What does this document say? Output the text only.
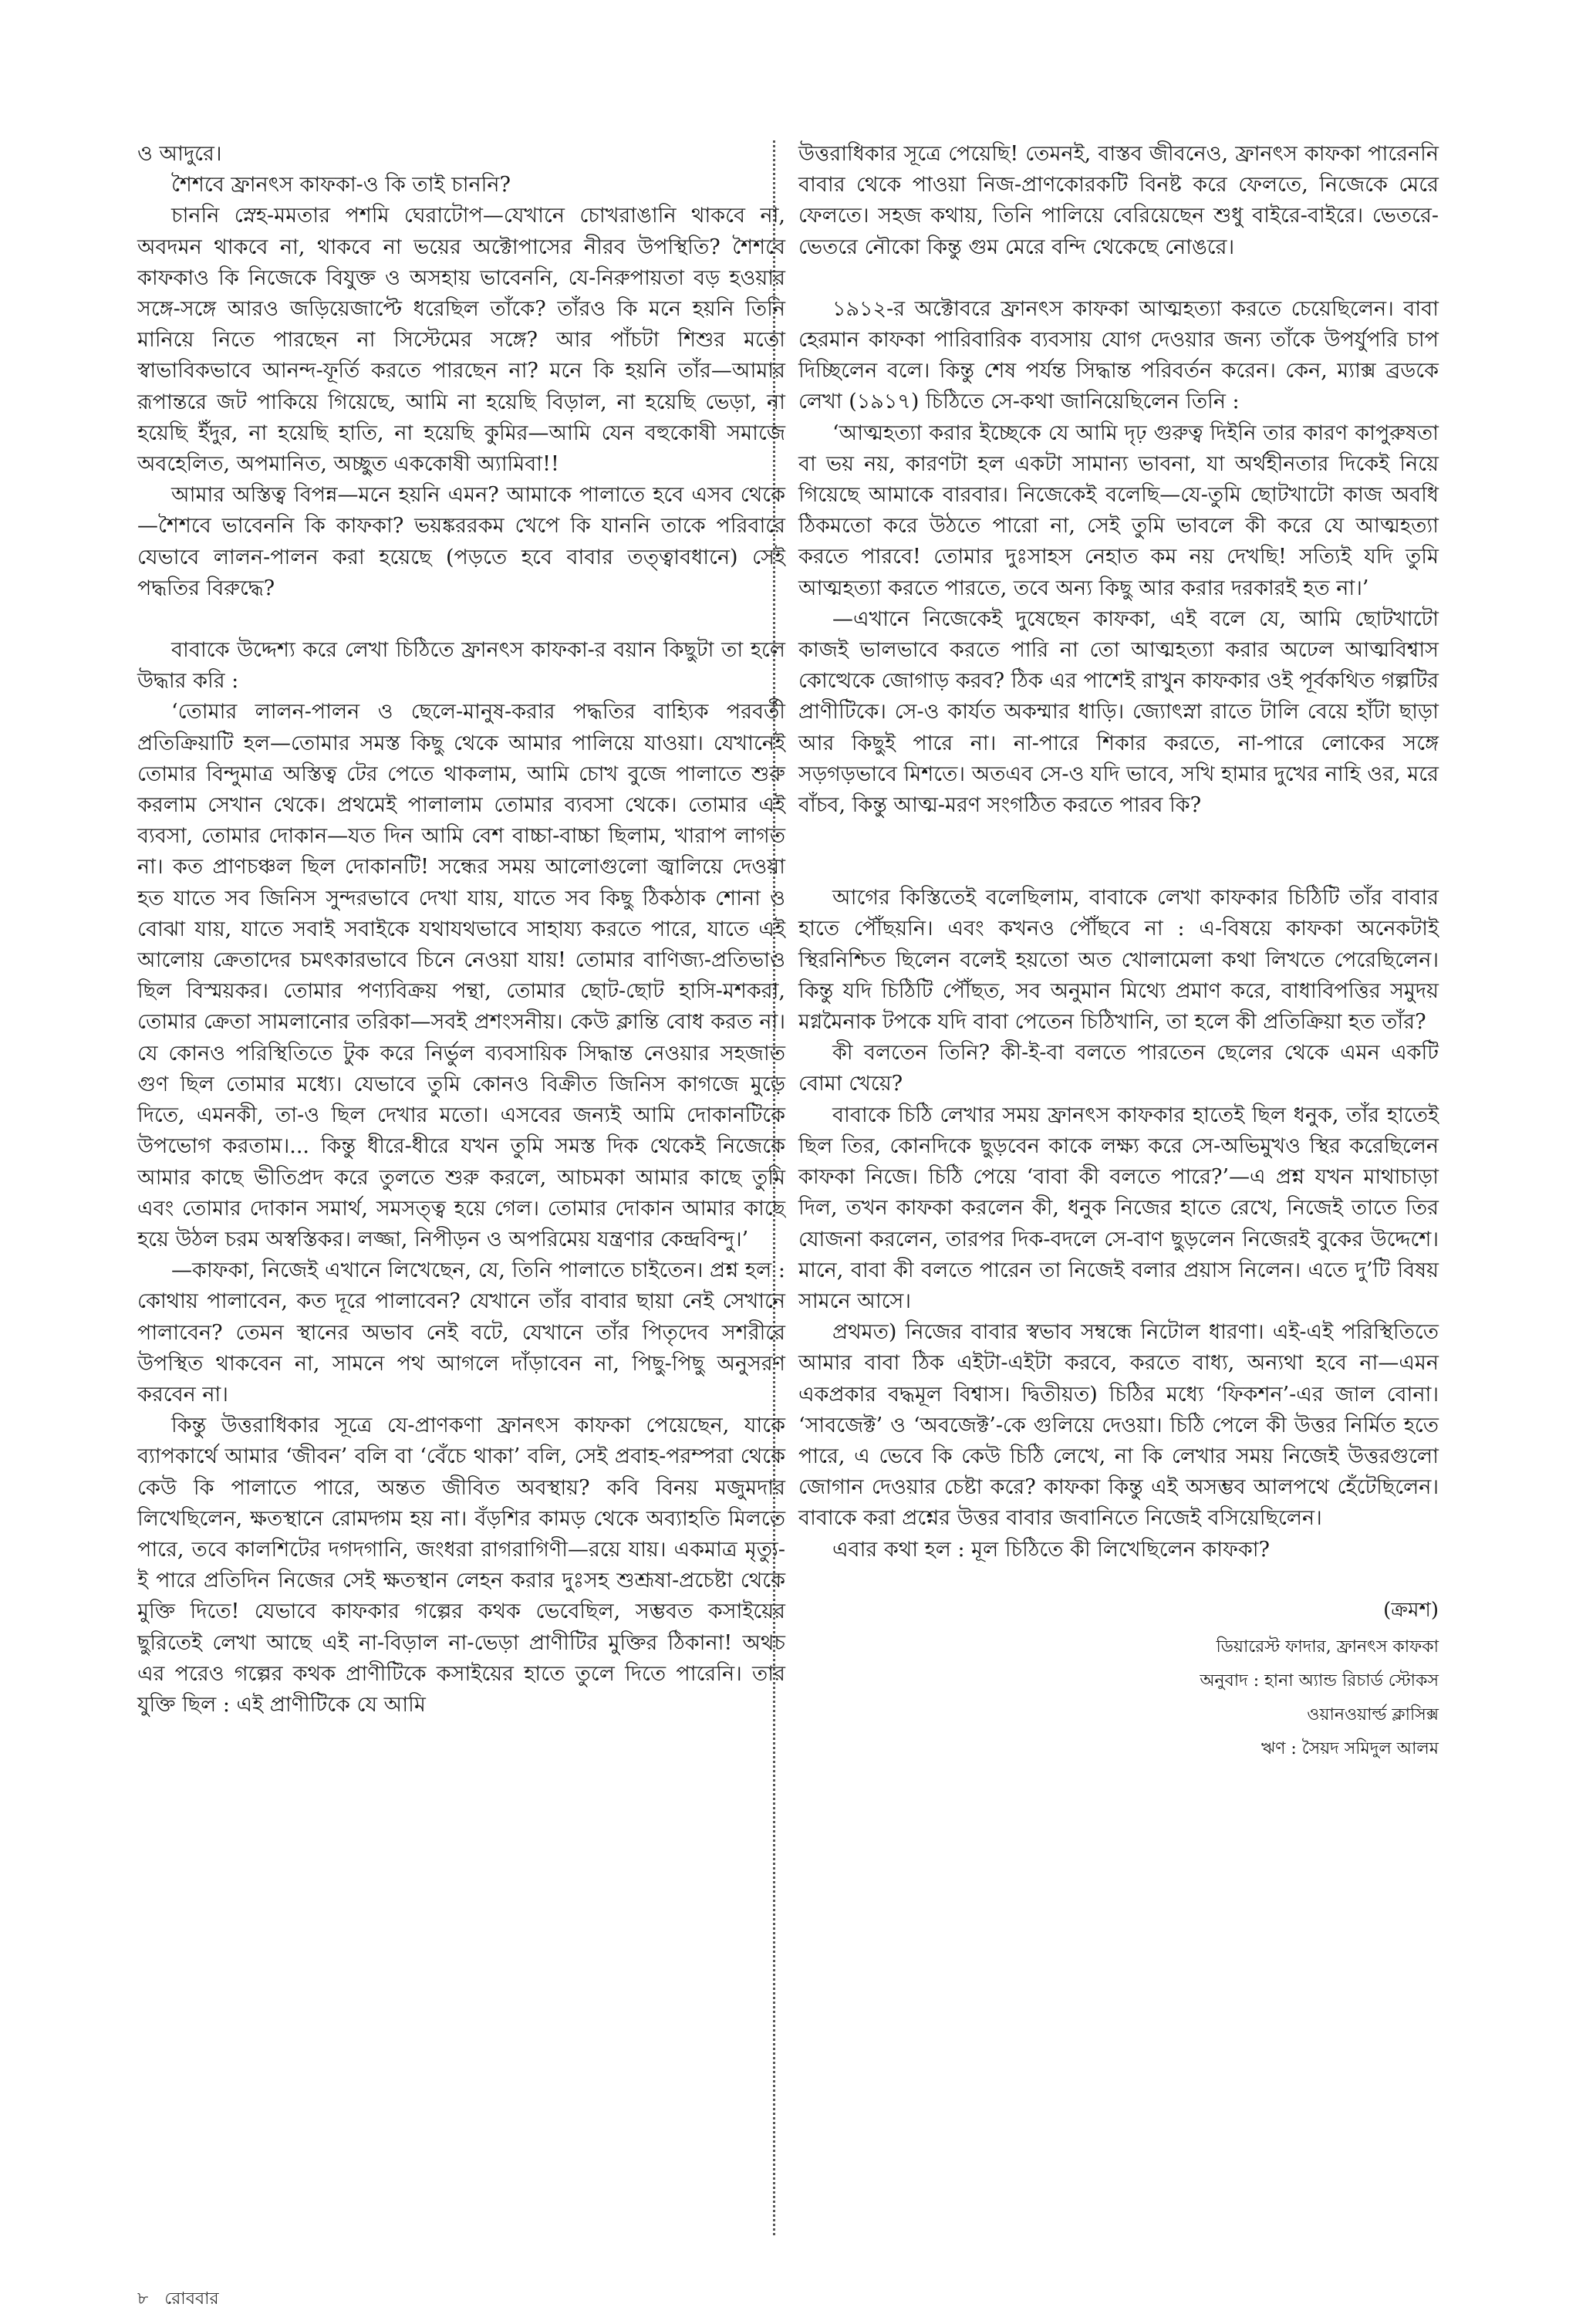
ও আদুরে।

শৈশবে ফ্রানৎস কাফকা-ও কি তাই চাননি?

চাননি স্নেহ-মমতার পশমি ঘেরাটোপ—যেখানে চোখরাঙানি থাকবে না, অবদমন থাকবে না, থাকবে না ভয়ের অক্টোপাসের নীরব উপস্থিতি? শৈশবে কাফকাও কি নিজেকে বিযুক্ত ও অসহায় ভাবেননি, যে-নিরুপায়তা বড় হওয়ার সঙ্গে-সঙ্গে আরও জড়িয়েজাপ্টে ধরেছিল তাঁকে? তাঁরও কি মনে হয়নি তিনি মানিয়ে নিতে পারছেন না সিস্টেমের সঙ্গে? আর পাঁচটা শিশুর মতো স্বাভাবিকভাবে আনন্দ-ফূর্তি করতে পারছেন না? মনে কি হয়নি তাঁর—আমার রূপান্তরে জট পাকিয়ে গিয়েছে, আমি না হয়েছি বিড়াল, না হয়েছি ভেড়া, না হয়েছি ইঁদুর, না হয়েছি হাতি, না হয়েছি কুমির—আমি যেন বহুকোষী সমাজে অবহেলিত, অপমানিত, অচ্ছুত এককোষী অ্যামিবা!!

আমার অস্তিত্ব বিপন্ন—মনে হয়নি এমন? আমাকে পালাতে হবে এসব থেকে—শৈশবে ভাবেননি কি কাফকা? ভয়ঙ্কররকম খেপে কি যাননি তাকে পরিবারে যেভাবে লালন-পালন করা হয়েছে (পড়তে হবে বাবার তত্ত্বাবধানে) সেই পদ্ধতির বিরুদ্ধে?

বাবাকে উদ্দেশ্য করে লেখা চিঠিতে ফ্রানৎস কাফকা-র বয়ান কিছুটা তা হলে উদ্ধার করি :

‘তোমার লালন-পালন ও ছেলে-মানুষ-করার পদ্ধতির বাহ্যিক পরবর্তী প্রতিক্রিয়াটি হল—তোমার সমস্ত কিছু থেকে আমার পালিয়ে যাওয়া। যেখানেই তোমার বিন্দুমাত্র অস্তিত্ব টের পেতে থাকলাম, আমি চোখ বুজে পালাতে শুরু করলাম সেখান থেকে। প্রথমেই পালালাম তোমার ব্যবসা থেকে। তোমার এই ব্যবসা, তোমার দোকান—যত দিন আমি বেশ বাচ্চা-বাচ্চা ছিলাম, খারাপ লাগত না। কত প্রাণচঞ্চল ছিল দোকানটি! সন্ধের সময় আলোগুলো জ্বালিয়ে দেওয়া হত যাতে সব জিনিস সুন্দরভাবে দেখা যায়, যাতে সব কিছু ঠিকঠাক শোনা ও বোঝা যায়, যাতে সবাই সবাইকে যথাযথভাবে সাহায্য করতে পারে, যাতে এই আলোয় ক্রেতাদের চমৎকারভাবে চিনে নেওয়া যায়! তোমার বাণিজ্য-প্রতিভাও ছিল বিস্ময়কর। তোমার পণ্যবিক্রয় পন্থা, তোমার ছোট-ছোট হাসি-মশকরা, তোমার ক্রেতা সামলানোর তরিকা—সবই প্রশংসনীয়। কেউ ক্লান্তি বোধ করত না। যে কোনও পরিস্থিতিতে টুক করে নির্ভুল ব্যবসায়িক সিদ্ধান্ত নেওয়ার সহজাত গুণ ছিল তোমার মধ্যে। যেভাবে তুমি কোনও বিক্রীত জিনিস কাগজে মুড়ে দিতে, এমনকী, তা-ও ছিল দেখার মতো। এসবের জন্যই আমি দোকানটিকে উপভোগ করতাম।... কিন্তু ধীরে-ধীরে যখন তুমি সমস্ত দিক থেকেই নিজেকে আমার কাছে ভীতিপ্রদ করে তুলতে শুরু করলে, আচমকা আমার কাছে তুমি এবং তোমার দোকান সমার্থ, সমসত্ত্ব হয়ে গেল। তোমার দোকান আমার কাছে হয়ে উঠল চরম অস্বস্তিকর। লজ্জা, নিপীড়ন ও অপরিমেয় যন্ত্রণার কেন্দ্রবিন্দু।’

—কাফকা, নিজেই এখানে লিখেছেন, যে, তিনি পালাতে চাইতেন। প্রশ্ন হল : কোথায় পালাবেন, কত দূরে পালাবেন? যেখানে তাঁর বাবার ছায়া নেই সেখানে পালাবেন? তেমন স্থানের অভাব নেই বটে, যেখানে তাঁর পিতৃদেব সশরীরে উপস্থিত থাকবেন না, সামনে পথ আগলে দাঁড়াবেন না, পিছু-পিছু অনুসরণ করবেন না।

কিন্তু উত্তরাধিকার সূত্রে যে-প্রাণকণা ফ্রানৎস কাফকা পেয়েছেন, যাকে ব্যাপকার্থে আমার ‘জীবন’ বলি বা ‘বেঁচে থাকা’ বলি, সেই প্রবাহ-পরম্পরা থেকে কেউ কি পালাতে পারে, অন্তত জীবিত অবস্থায়? কবি বিনয় মজুমদার লিখেছিলেন, ক্ষতস্থানে রোমদ্গম হয় না। বঁড়শির কামড় থেকে অব্যাহতি মিলতে পারে, তবে কালশিটের দগদগানি, জংধরা রাগরাগিণী—রয়ে যায়। একমাত্র মৃত্যু-ই পারে প্রতিদিন নিজের সেই ক্ষতস্থান লেহন করার দুঃসহ শুশ্রূষা-প্রচেষ্টা থেকে মুক্তি দিতে! যেভাবে কাফকার গল্পের কথক ভেবেছিল, সম্ভবত কসাইয়ের ছুরিতেই লেখা আছে এই না-বিড়াল না-ভেড়া প্রাণীটির মুক্তির ঠিকানা! অথচ এর পরেও গল্পের কথক প্রাণীটিকে কসাইয়ের হাতে তুলে দিতে পারেনি। তার যুক্তি ছিল : এই প্রাণীটিকে যে আমি

উত্তরাধিকার সূত্রে পেয়েছি! তেমনই, বাস্তব জীবনেও, ফ্রানৎস কাফকা পারেননি বাবার থেকে পাওয়া নিজ-প্রাণকোরকটি বিনষ্ট করে ফেলতে, নিজেকে মেরে ফেলতে। সহজ কথায়, তিনি পালিয়ে বেরিয়েছেন শুধু বাইরে-বাইরে। ভেতরে-ভেতরে নৌকো কিন্তু গুম মেরে বন্দি থেকেছে নোঙরে।

১৯১২-র অক্টোবরে ফ্রানৎস কাফকা আত্মহত্যা করতে চেয়েছিলেন। বাবা হেরমান কাফকা পারিবারিক ব্যবসায় যোগ দেওয়ার জন্য তাঁকে উপর্যুপরি চাপ দিচ্ছিলেন বলে। কিন্তু শেষ পর্যন্ত সিদ্ধান্ত পরিবর্তন করেন। কেন, ম্যাক্স ব্রডকে লেখা (১৯১৭) চিঠিতে সে-কথা জানিয়েছিলেন তিনি :

‘আত্মহত্যা করার ইচ্ছেকে যে আমি দৃঢ় গুরুত্ব দিইনি তার কারণ কাপুরুষতা বা ভয় নয়, কারণটা হল একটা সামান্য ভাবনা, যা অর্থহীনতার দিকেই নিয়ে গিয়েছে আমাকে বারবার। নিজেকেই বলেছি—যে-তুমি ছোটখাটো কাজ অবধি ঠিকমতো করে উঠতে পারো না, সেই তুমি ভাবলে কী করে যে আত্মহত্যা করতে পারবে! তোমার দুঃসাহস নেহাত কম নয় দেখছি! সত্যিই যদি তুমি আত্মহত্যা করতে পারতে, তবে অন্য কিছু আর করার দরকারই হত না।’

—এখানে নিজেকেই দুষেছেন কাফকা, এই বলে যে, আমি ছোটখাটো কাজই ভালভাবে করতে পারি না তো আত্মহত্যা করার অঢেল আত্মবিশ্বাস কোত্থেকে জোগাড় করব? ঠিক এর পাশেই রাখুন কাফকার ওই পূর্বকথিত গল্পটির প্রাণীটিকে। সে-ও কার্যত অকম্মার ধাড়ি। জ্যোৎস্না রাতে টালি বেয়ে হাঁটা ছাড়া আর কিছুই পারে না। না-পারে শিকার করতে, না-পারে লোকের সঙ্গে সড়গড়ভাবে মিশতে। অতএব সে-ও যদি ভাবে, সখি হামার দুখের নাহি ওর, মরে বাঁচব, কিন্তু আত্ম-মরণ সংগঠিত করতে পারব কি?

আগের কিস্তিতেই বলেছিলাম, বাবাকে লেখা কাফকার চিঠিটি তাঁর বাবার হাতে পৌঁছয়নি। এবং কখনও পৌঁছবে না : এ-বিষয়ে কাফকা অনেকটাই স্থিরনিশ্চিত ছিলেন বলেই হয়তো অত খোলামেলা কথা লিখতে পেরেছিলেন। কিন্তু যদি চিঠিটি পৌঁছত, সব অনুমান মিথ্যে প্রমাণ করে, বাধাবিপত্তির সমুদয় মগ্নমৈনাক টপকে যদি বাবা পেতেন চিঠিখানি, তা হলে কী প্রতিক্রিয়া হত তাঁর?

কী বলতেন তিনি? কী-ই-বা বলতে পারতেন ছেলের থেকে এমন একটি বোমা খেয়ে?

বাবাকে চিঠি লেখার সময় ফ্রানৎস কাফকার হাতেই ছিল ধনুক, তাঁর হাতেই ছিল তির, কোনদিকে ছুড়বেন কাকে লক্ষ্য করে সে-অভিমুখও স্থির করেছিলেন কাফকা নিজে। চিঠি পেয়ে ‘বাবা কী বলতে পারে?’—এ প্রশ্ন যখন মাথাচাড়া দিল, তখন কাফকা করলেন কী, ধনুক নিজের হাতে রেখে, নিজেই তাতে তির যোজনা করলেন, তারপর দিক-বদলে সে-বাণ ছুড়লেন নিজেরই বুকের উদ্দেশে। মানে, বাবা কী বলতে পারেন তা নিজেই বলার প্রয়াস নিলেন। এতে দু’টি বিষয় সামনে আসে।

প্রথমত) নিজের বাবার স্বভাব সম্বন্ধে নিটোল ধারণা। এই-এই পরিস্থিতিতে আমার বাবা ঠিক এইটা-এইটা করবে, করতে বাধ্য, অন্যথা হবে না—এমন একপ্রকার বদ্ধমূল বিশ্বাস। দ্বিতীয়ত) চিঠির মধ্যে ‘ফিকশন’-এর জাল বোনা। ‘সাবজেক্ট’ ও ‘অবজেক্ট’-কে গুলিয়ে দেওয়া। চিঠি পেলে কী উত্তর নির্মিত হতে পারে, এ ভেবে কি কেউ চিঠি লেখে, না কি লেখার সময় নিজেই উত্তরগুলো জোগান দেওয়ার চেষ্টা করে? কাফকা কিন্তু এই অসম্ভব আলপথে হেঁটেছিলেন। বাবাকে করা প্রশ্নের উত্তর বাবার জবানিতে নিজেই বসিয়েছিলেন।

এবার কথা হল : মূল চিঠিতে কী লিখেছিলেন কাফকা?

(ক্রমশ)
ডিয়ারেস্ট ফাদার, ফ্রানৎস কাফকা
অনুবাদ : হানা অ্যান্ড রিচার্ড স্টোকস
ওয়ানওয়ার্ল্ড ক্লাসিক্স
ঋণ : সৈয়দ সমিদুল আলম
৮ রোববার
